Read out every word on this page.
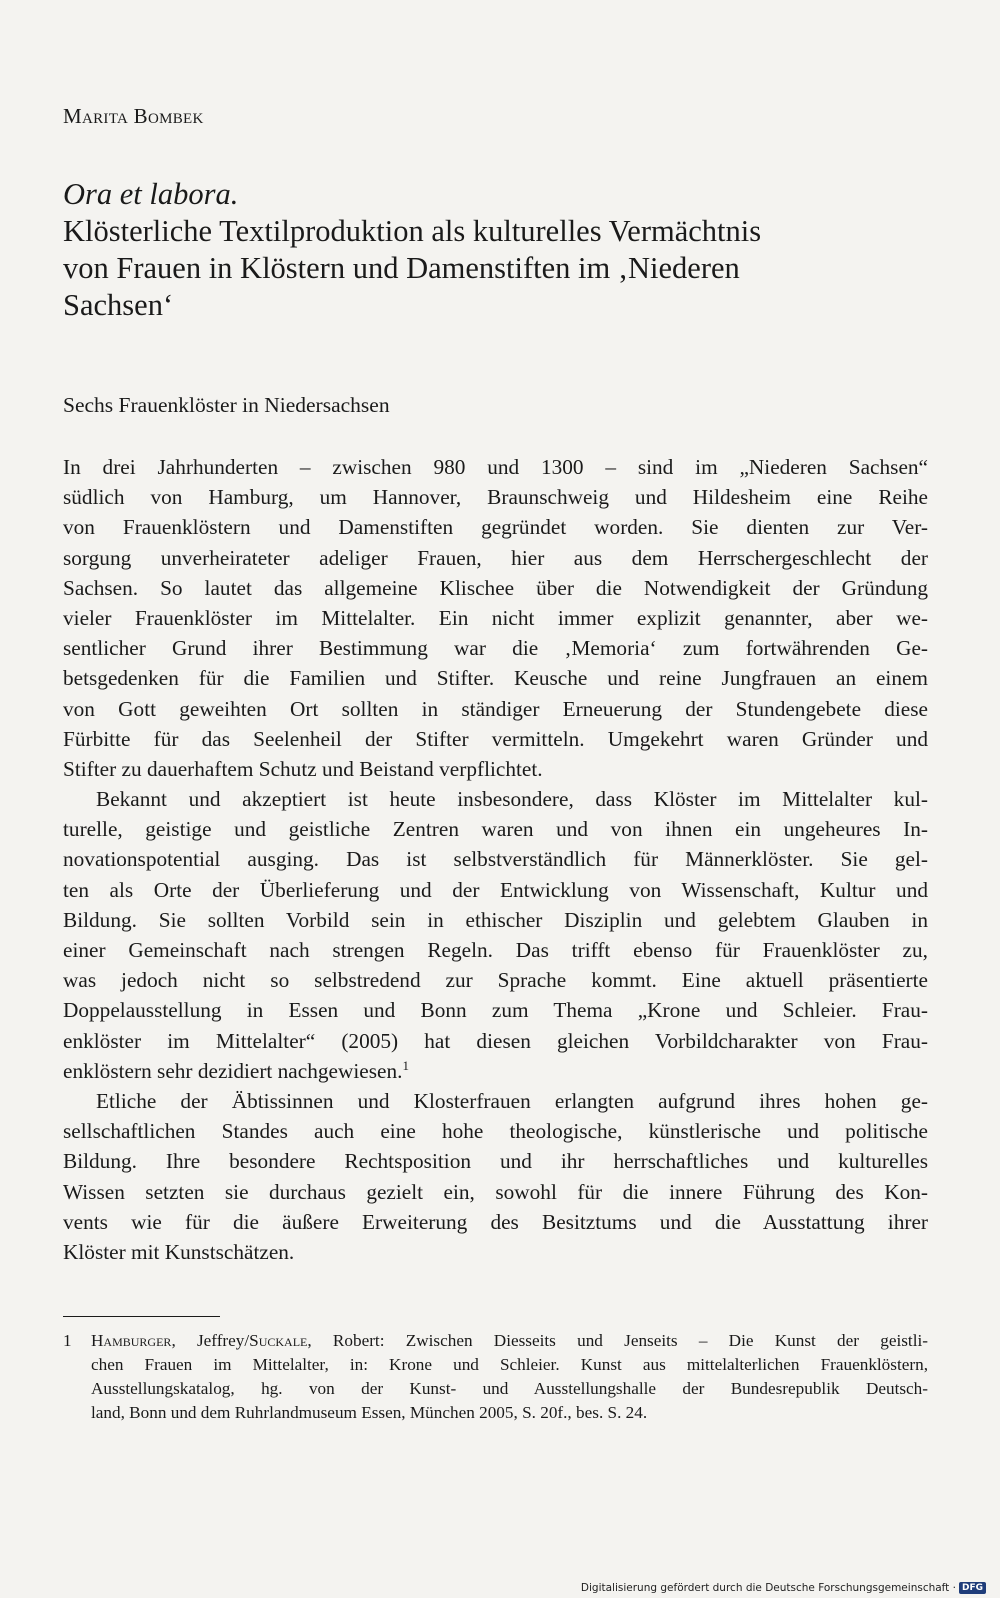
Marita Bombek
Ora et labora.
Klösterliche Textilproduktion als kulturelles Vermächtnis
von Frauen in Klöstern und Damenstiften im ‚Niederen
Sachsen‘
Sechs Frauenklöster in Niedersachsen
In drei Jahrhunderten – zwischen 980 und 1300 – sind im „Niederen Sachsen“
südlich von Hamburg, um Hannover, Braunschweig und Hildesheim eine Reihe
von Frauenklöstern und Damenstiften gegründet worden. Sie dienten zur Ver-
sorgung unverheirateter adeliger Frauen, hier aus dem Herrschergeschlecht der
Sachsen. So lautet das allgemeine Klischee über die Notwendigkeit der Gründung
vieler Frauenklöster im Mittelalter. Ein nicht immer explizit genannter, aber we-
sentlicher Grund ihrer Bestimmung war die ‚Memoria‘ zum fortwährenden Ge-
betsgedenken für die Familien und Stifter. Keusche und reine Jungfrauen an einem
von Gott geweihten Ort sollten in ständiger Erneuerung der Stundengebete diese
Fürbitte für das Seelenheil der Stifter vermitteln. Umgekehrt waren Gründer und
Stifter zu dauerhaftem Schutz und Beistand verpflichtet.
Bekannt und akzeptiert ist heute insbesondere, dass Klöster im Mittelalter kul-
turelle, geistige und geistliche Zentren waren und von ihnen ein ungeheures In-
novationspotential ausging. Das ist selbstverständlich für Männerklöster. Sie gel-
ten als Orte der Überlieferung und der Entwicklung von Wissenschaft, Kultur und
Bildung. Sie sollten Vorbild sein in ethischer Disziplin und gelebtem Glauben in
einer Gemeinschaft nach strengen Regeln. Das trifft ebenso für Frauenklöster zu,
was jedoch nicht so selbstredend zur Sprache kommt. Eine aktuell präsentierte
Doppelausstellung in Essen und Bonn zum Thema „Krone und Schleier. Frau-
enklöster im Mittelalter“ (2005) hat diesen gleichen Vorbildcharakter von Frau-
enklöstern sehr dezidiert nachgewiesen.$^1$
Etliche der Äbtissinnen und Klosterfrauen erlangten aufgrund ihres hohen ge-
sellschaftlichen Standes auch eine hohe theologische, künstlerische und politische
Bildung. Ihre besondere Rechtsposition und ihr herrschaftliches und kulturelles
Wissen setzten sie durchaus gezielt ein, sowohl für die innere Führung des Kon-
vents wie für die äußere Erweiterung des Besitztums und die Ausstattung ihrer
Klöster mit Kunstschätzen.
1 Hamburger, Jeffrey/Suckale, Robert: Zwischen Diesseits und Jenseits – Die Kunst der geistli-
chen Frauen im Mittelalter, in: Krone und Schleier. Kunst aus mittelalterlichen Frauenklöstern,
Ausstellungskatalog, hg. von der Kunst- und Ausstellungshalle der Bundesrepublik Deutsch-
land, Bonn und dem Ruhrlandmuseum Essen, München 2005, S. 20f., bes. S. 24.
Digitalisierung gefördert durch die Deutsche Forschungsgemeinschaft · DFG
